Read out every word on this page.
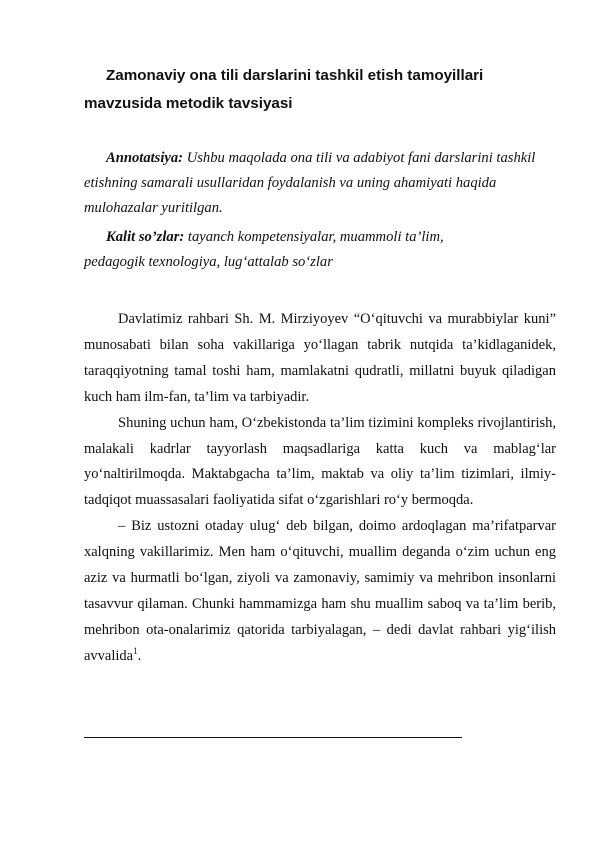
Zamonaviy ona tili darslarini tashkil etish tamoyillari mavzusida metodik tavsiyasi

Annotatsiya: Ushbu maqolada ona tili va adabiyot fani darslarini tashkil etishning samarali usullaridan foydalanish va uning ahamiyati haqida mulohazalar yuritilgan.

Kalit so’zlar: tayanch kompetensiyalar, muammoli ta’lim, pedagogik texnologiya, lug‘attalab so‘zlar

Davlatimiz rahbari Sh. M. Mirziyoyev “O‘qituvchi va murabbiylar kuni” munosabati bilan soha vakillariga yo‘llagan tabrik nutqida ta’kidlaganidek, taraqqiyotning tamal toshi ham, mamlakatni qudratli, millatni buyuk qiladigan kuch ham ilm-fan, ta’lim va tarbiyadir.

Shuning uchun ham, O‘zbekistonda ta’lim tizimini kompleks rivojlantirish, malakali kadrlar tayyorlash maqsadlariga katta kuch va mablag‘lar yo‘naltirilmoqda. Maktabgacha ta’lim, maktab va oliy ta’lim tizimlari, ilmiy-tadqiqot muassasalari faoliyatida sifat o‘zgarishlari ro‘y bermoqda.

– Biz ustozni otaday ulug‘ deb bilgan, doimo ardoqlagan ma’rifatparvar xalqning vakillarimiz. Men ham o‘qituvchi, muallim deganda o‘zim uchun eng aziz va hurmatli bo‘lgan, ziyoli va zamonaviy, samimiy va mehribon insonlarni tasavvur qilaman. Chunki hammamizga ham shu muallim saboq va ta’lim berib, mehribon ota-onalarimiz qatorida tarbiyalagan, – dedi davlat rahbari yig‘ilish avvalida$^1$.
